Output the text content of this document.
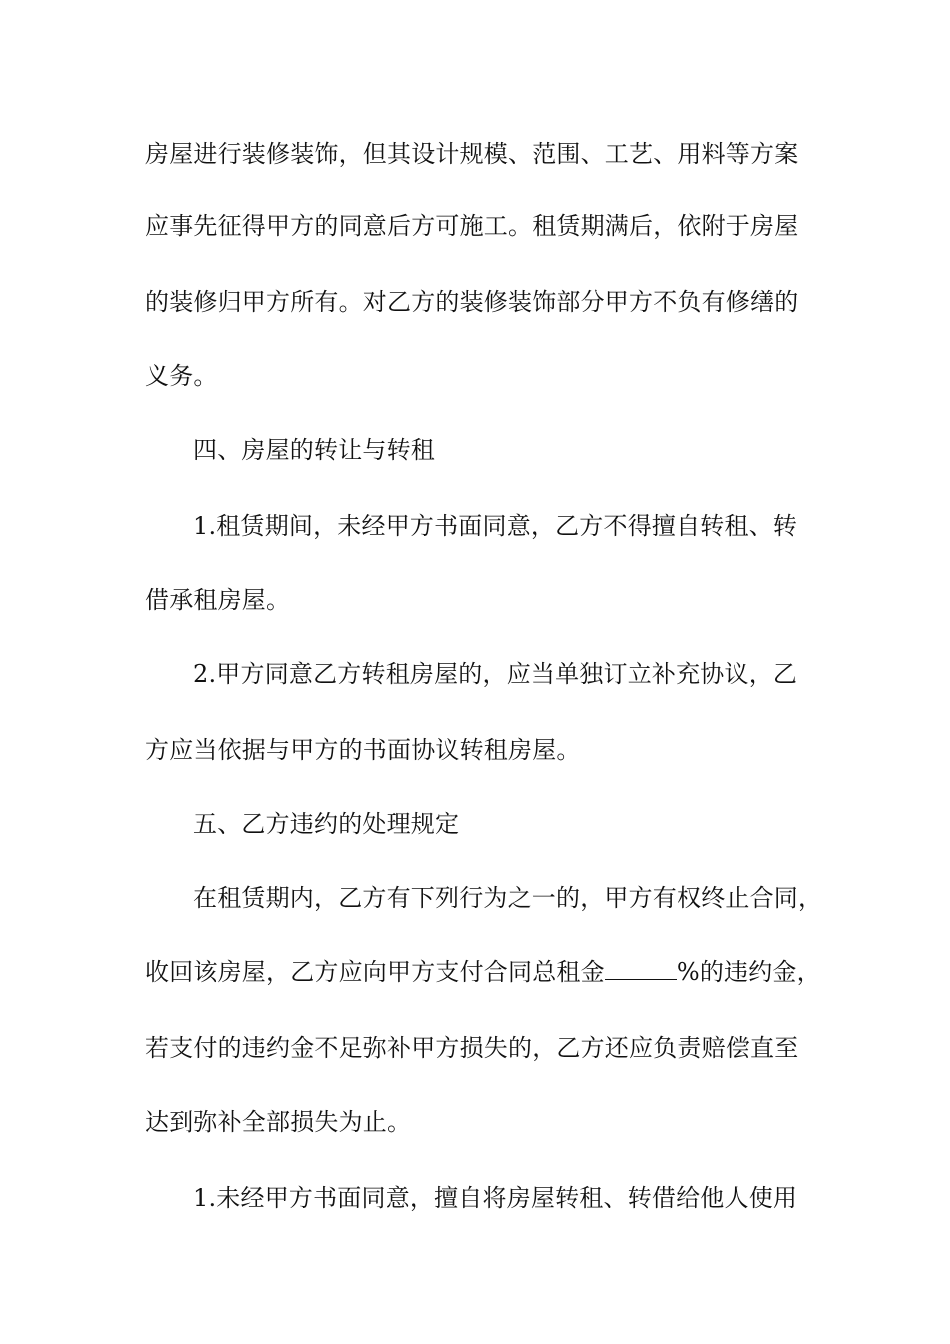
房屋进行装修装饰，但其设计规模、范围、工艺、用料等方案
应事先征得甲方的同意后方可施工。租赁期满后，依附于房屋
的装修归甲方所有。对乙方的装修装饰部分甲方不负有修缮的
义务。
四、房屋的转让与转租
1.租赁期间，未经甲方书面同意，乙方不得擅自转租、转
借承租房屋。
2.甲方同意乙方转租房屋的，应当单独订立补充协议，乙
方应当依据与甲方的书面协议转租房屋。
五、乙方违约的处理规定
在租赁期内，乙方有下列行为之一的，甲方有权终止合同，
收回该房屋，乙方应向甲方支付合同总租金	%的违约金，
若支付的违约金不足弥补甲方损失的，乙方还应负责赔偿直至
达到弥补全部损失为止。
1.未经甲方书面同意，擅自将房屋转租、转借给他人使用
